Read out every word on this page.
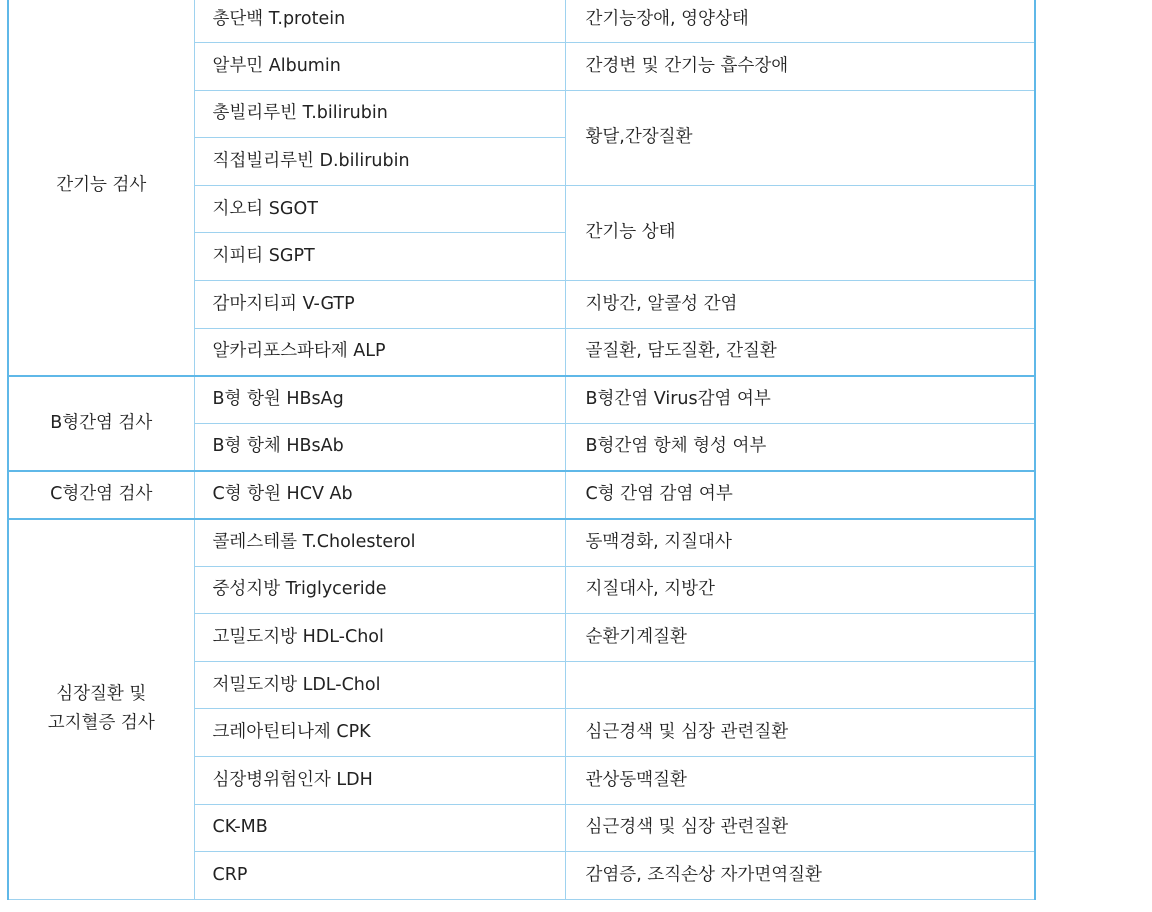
간기능 검사	총단백 T.protein	간기능장애, 영양상태
	알부민 Albumin	간경변 및 간기능 흡수장애
	총빌리루빈 T.bilirubin	황달,간장질환
	직접빌리루빈 D.bilirubin	
	지오티 SGOT	간기능 상태
	지피티 SGPT	
	감마지티피 V-GTP	지방간, 알콜성 간염
	알카리포스파타제 ALP	골질환, 담도질환, 간질환

B형간염 검사	B형 항원 HBsAg	B형간염 Virus감염 여부
	B형 항체 HBsAb	B형간염 항체 형성 여부

C형간염 검사	C형 항원 HCV Ab	C형 간염 감염 여부

심장질환 및
고지혈증 검사	콜레스테롤 T.Cholesterol	동맥경화, 지질대사
	중성지방 Triglyceride	지질대사, 지방간
	고밀도지방 HDL-Chol	순환기계질환
	저밀도지방 LDL-Chol	
	크레아틴티나제 CPK	심근경색 및 심장 관련질환
	심장병위험인자 LDH	관상동맥질환
	CK-MB	심근경색 및 심장 관련질환
	CRP	감염증, 조직손상 자가면역질환
